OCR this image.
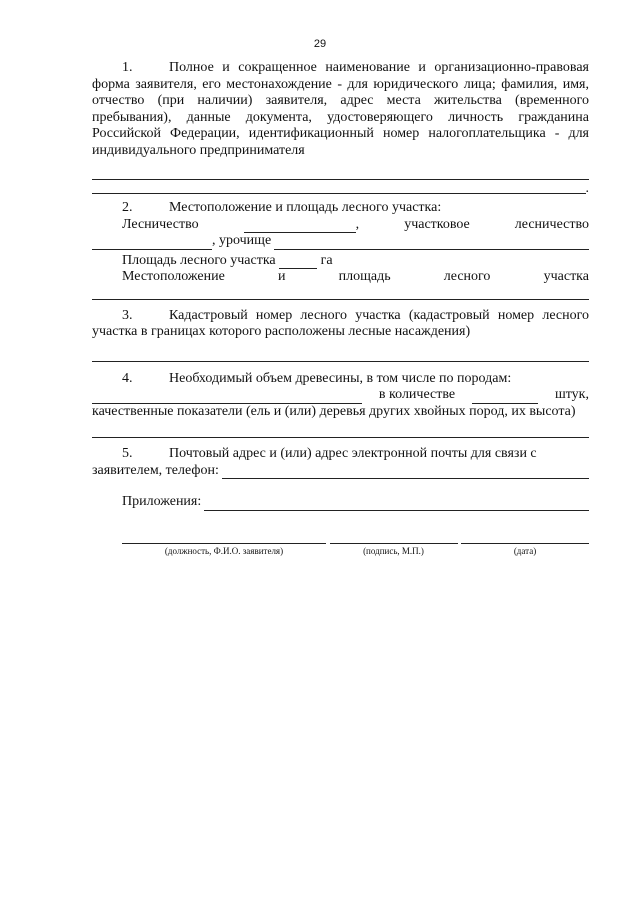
29
1.	Полное и сокращенное наименование и организационно-правовая форма заявителя, его местонахождение - для юридического лица; фамилия, имя, отчество (при наличии) заявителя, адрес места жительства (временного пребывания), данные документа, удостоверяющего личность гражданина Российской Федерации, идентификационный номер налогоплательщика - для индивидуального предпринимателя
.
2.	Местоположение и площадь лесного участка:
Лесничество	,	участковое	лесничество
, урочище
Площадь лесного участка	га
Местоположение	и	площадь	лесного	участка
3.	Кадастровый номер лесного участка (кадастровый номер лесного участка в границах которого расположены лесные насаждения)
4.	Необходимый объем древесины, в том числе по породам:
в количестве	штук,
качественные показатели (ель и (или) деревья других хвойных пород, их высота)
5.	Почтовый адрес и (или) адрес электронной почты для связи с
заявителем, телефон:
Приложения:
(должность, Ф.И.О. заявителя)	(подпись, М.П.)	(дата)
